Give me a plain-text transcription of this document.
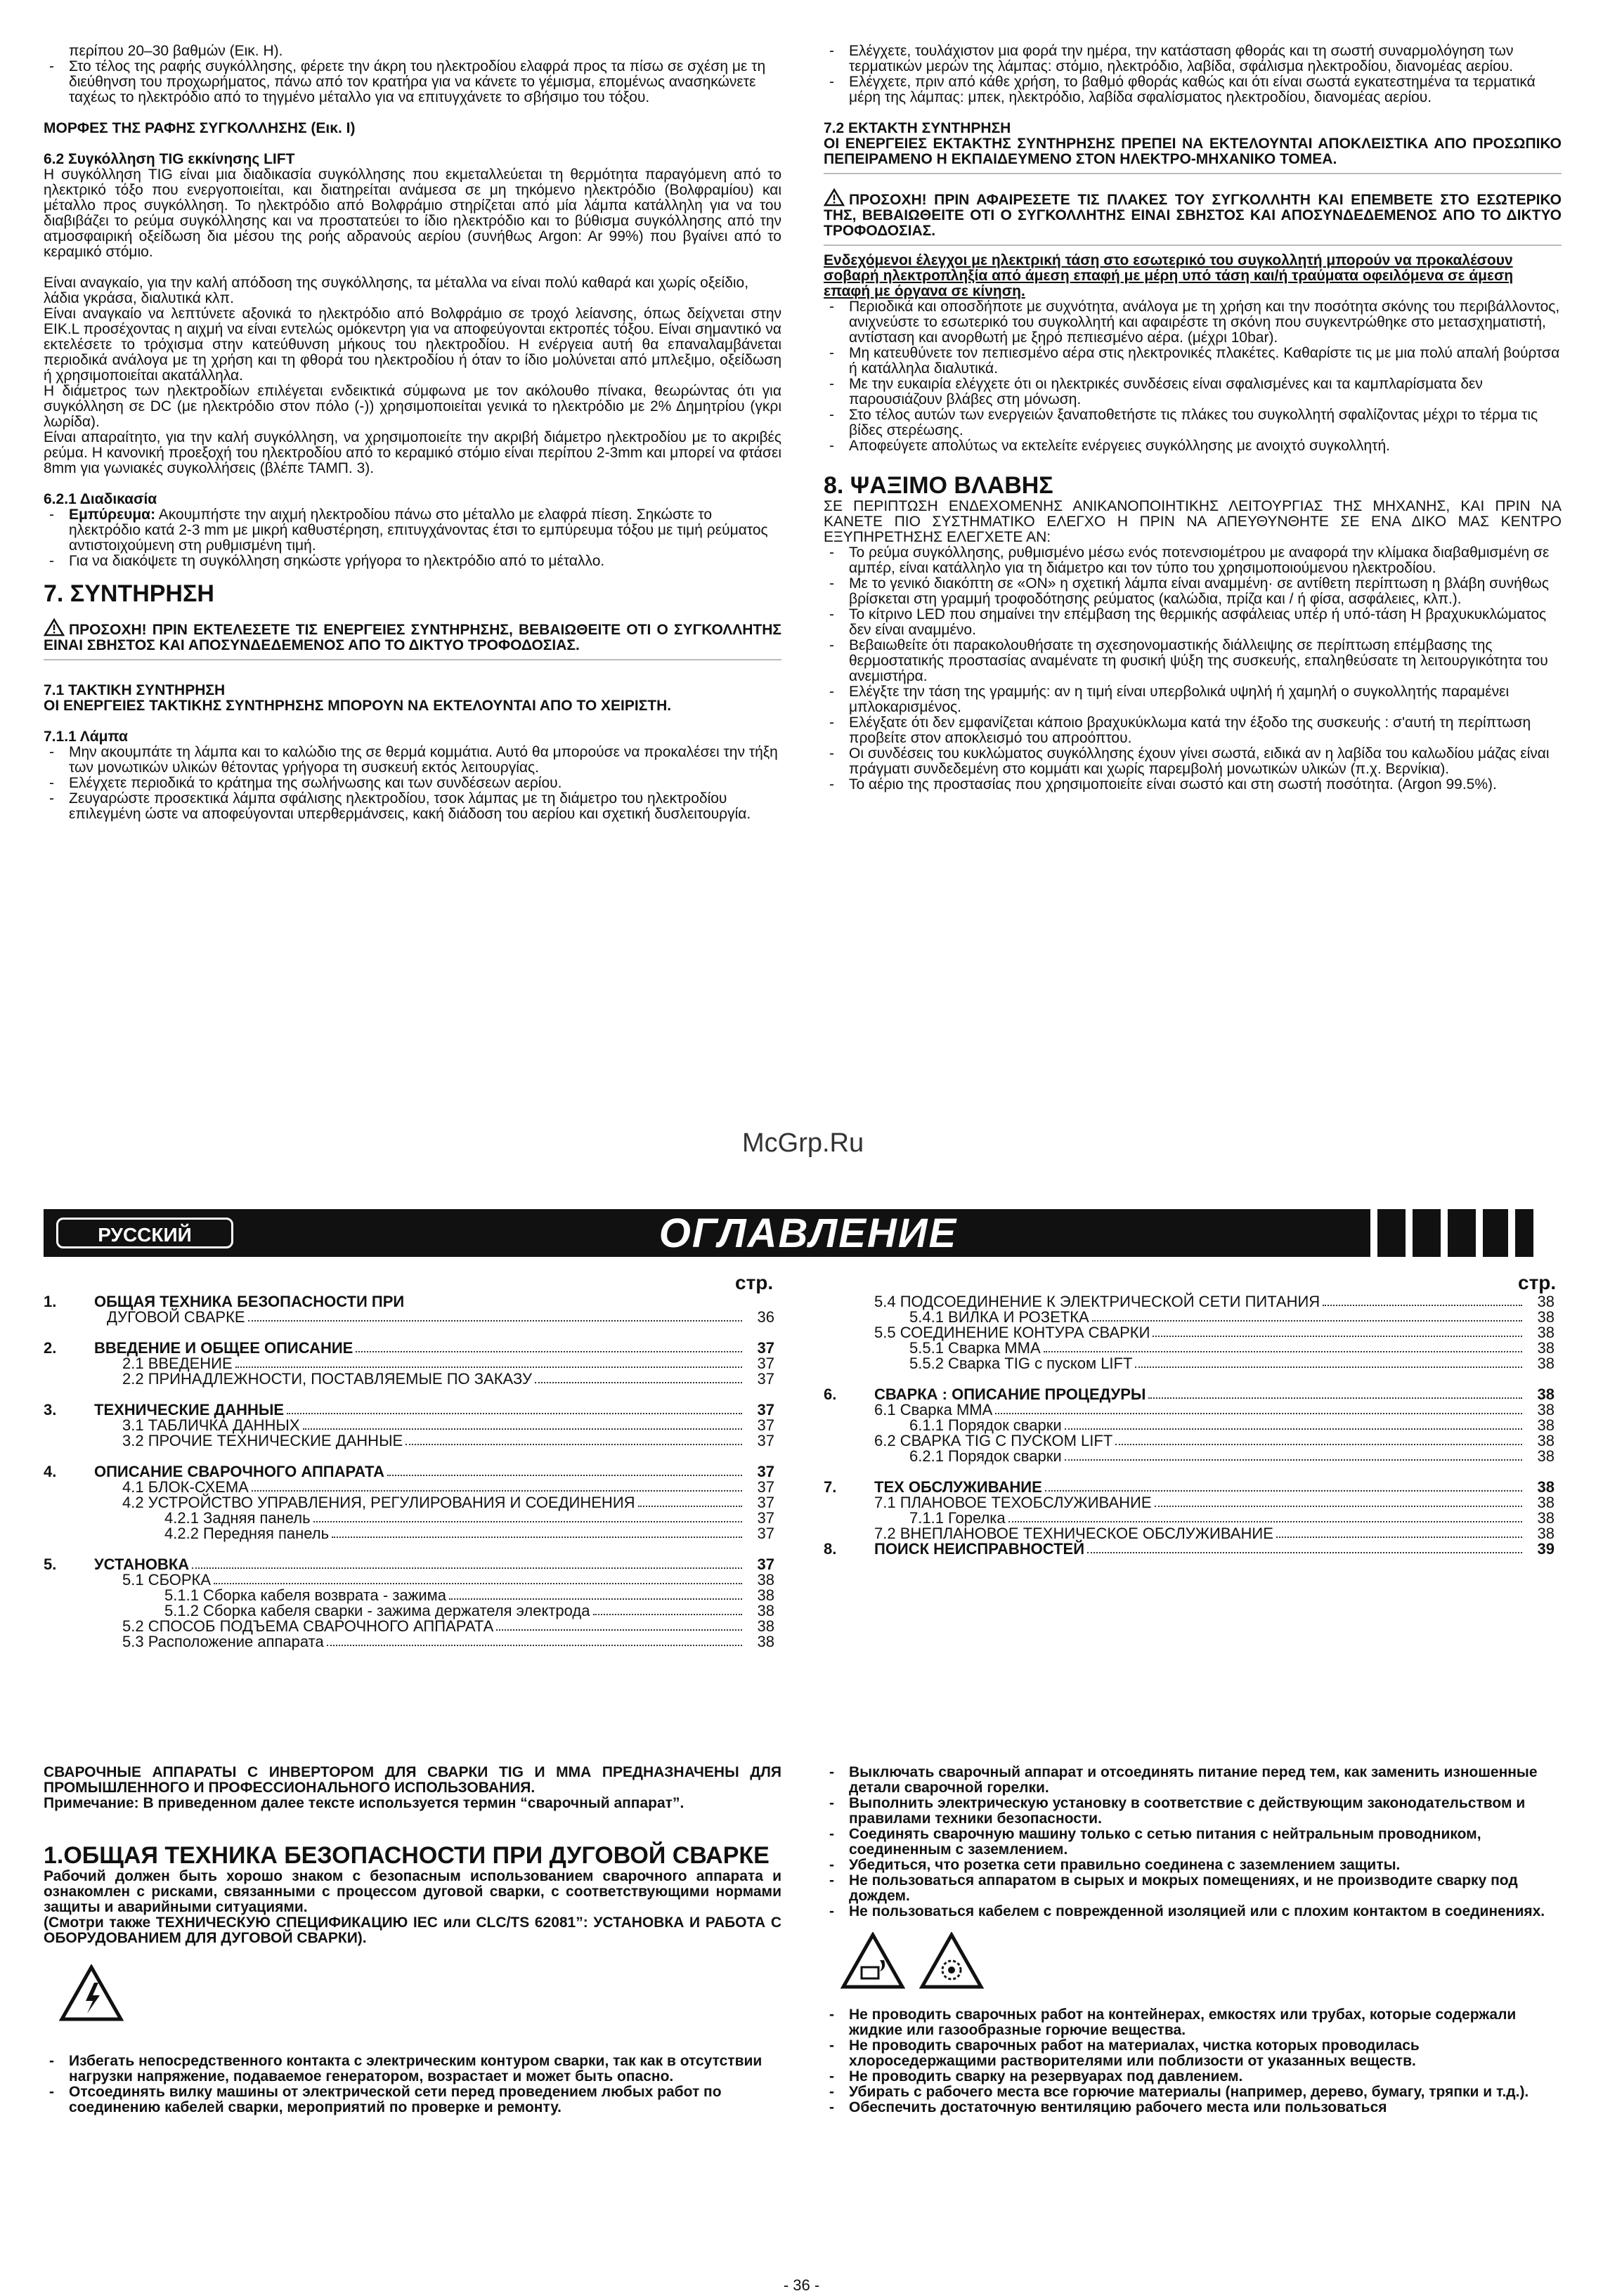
περίπου 20–30 βαθμών (Εικ. Η).

- Στο τέλος της ραφής συγκόλλησης, φέρετε την άκρη του ηλεκτροδίου ελαφρά προς τα πίσω σε σχέση με τη διεύθηνση του προχωρήματος, πάνω από τον κρατήρα για να κάνετε το γέμισμα, επομένως ανασηκώνετε ταχέως το ηλεκτρόδιο από το τηγμένο μέταλλο για να επιτυγχάνετε το σβήσιμο του τόξου.

ΜΟΡΦΕΣ ΤΗΣ ΡΑΦΗΣ ΣΥΓΚΟΛΛΗΣΗΣ (Εικ. Ι)

6.2 Συγκόλληση TIG εκκίνησης LIFT

Η συγκόλληση TIG είναι μια διαδικασία συγκόλλησης που εκμεταλλεύεται τη θερμότητα παραγόμενη από το ηλεκτρικό τόξο που ενεργοποιείται, και διατηρείται ανάμεσα σε μη τηκόμενο ηλεκτρόδιο (Βολφραμίου) και μέταλλο προς συγκόλληση. Το ηλεκτρόδιο από Βολφράμιο στηρίζεται από μία λάμπα κατάλληλη για να του διαβιβάζει το ρεύμα συγκόλλησης και να προστατεύει το ίδιο ηλεκτρόδιο και το βύθισμα συγκόλλησης από την ατμοσφαιρική οξείδωση δια μέσου της ροής αδρανούς αερίου (συνήθως Argon: Ar 99%) που βγαίνει από το κεραμικό στόμιο.

Είναι αναγκαίο, για την καλή απόδοση της συγκόλλησης, τα μέταλλα να είναι πολύ καθαρά και χωρίς οξείδιο, λάδια γκράσα, διαλυτικά κλπ.

Είναι αναγκαίο να λεπτύνετε αξονικά το ηλεκτρόδιο από Βολφράμιο σε τροχό λείανσης, όπως δείχνεται στην EIK.L προσέχοντας η αιχμή να είναι εντελώς ομόκεντρη για να αποφεύγονται εκτροπές τόξου. Είναι σημαντικό να εκτελέσετε το τρόχισμα στην κατεύθυνση μήκους του ηλεκτροδίου. Η ενέργεια αυτή θα επαναλαμβάνεται περιοδικά ανάλογα με τη χρήση και τη φθορά του ηλεκτροδίου ή όταν το ίδιο μολύνεται από μπλεξιμο, οξείδωση ή χρησιμοποιείται ακατάλληλα.

Η διάμετρος των ηλεκτροδίων επιλέγεται ενδεικτικά σύμφωνα με τον ακόλουθο πίνακα, θεωρώντας ότι για συγκόλληση σε DC (με ηλεκτρόδιο στον πόλο (-)) χρησιμοποιείται γενικά το ηλεκτρόδιο με 2% Δημητρίου (γκρι λωρίδα).

Είναι απαραίτητο, για την καλή συγκόλληση, να χρησιμοποιείτε την ακριβή διάμετρο ηλεκτροδίου με το ακριβές ρεύμα. Η κανονική προεξοχή του ηλεκτροδίου από το κεραμικό στόμιο είναι περίπου 2-3mm και μπορεί να φτάσει 8mm για γωνιακές συγκολλήσεις (βλέπε ΤΑΜΠ. 3).

6.2.1 Διαδικασία

- Εμπύρευμα: Ακουμπήστε την αιχμή ηλεκτροδίου πάνω στο μέταλλο με ελαφρά πίεση. Σηκώστε το ηλεκτρόδιο κατά 2-3 mm με μικρή καθυστέρηση, επιτυγχάνοντας έτσι το εμπύρευμα τόξου με τιμή ρεύματος αντιστοιχούμενη στη ρυθμισμένη τιμή.
- Για να διακόψετε τη συγκόλληση σηκώστε γρήγορα το ηλεκτρόδιο από το μέταλλο.

7. ΣΥΝΤΗΡΗΣΗ

ΠΡΟΣΟΧΗ! ΠΡΙΝ ΕΚΤΕΛΕΣΕΤΕ ΤΙΣ ΕΝΕΡΓΕΙΕΣ ΣΥΝΤΗΡΗΣΗΣ, ΒΕΒΑΙΩΘΕΙΤΕ ΟΤΙ Ο ΣΥΓΚΟΛΛΗΤΗΣ ΕΙΝΑΙ ΣΒΗΣΤΟΣ ΚΑΙ ΑΠΟΣΥΝΔΕΔΕΜΕΝΟΣ ΑΠΟ ΤΟ ΔΙΚΤΥΟ ΤΡΟΦΟΔΟΣΙΑΣ.

7.1 ΤΑΚΤΙΚΗ ΣΥΝΤΗΡΗΣΗ

ΟΙ ΕΝΕΡΓΕΙΕΣ ΤΑΚΤΙΚΗΣ ΣΥΝΤΗΡΗΣΗΣ ΜΠΟΡΟΥΝ ΝΑ ΕΚΤΕΛΟΥΝΤΑΙ ΑΠΟ ΤΟ ΧΕΙΡΙΣΤΗ.

7.1.1 Λάμπα

- Μην ακουμπάτε τη λάμπα και το καλώδιο της σε θερμά κομμάτια. Αυτό θα μπορούσε να προκαλέσει την τήξη των μονωτικών υλικών θέτοντας γρήγορα τη συσκευή εκτός λειτουργίας.
- Ελέγχετε περιοδικά το κράτημα της σωλήνωσης και των συνδέσεων αερίου.
- Ζευγαρώστε προσεκτικά λάμπα σφάλισης ηλεκτροδίου, τσοκ λάμπας με τη διάμετρο του ηλεκτροδίου επιλεγμένη ώστε να αποφεύγονται υπερθερμάνσεις, κακή διάδοση του αερίου και σχετική δυσλειτουργία.
- Ελέγχετε, τουλάχιστον μια φορά την ημέρα, την κατάσταση φθοράς και τη σωστή συναρμολόγηση των τερματικών μερών της λάμπας: στόμιο, ηλεκτρόδιο, λαβίδα, σφάλισμα ηλεκτροδίου, διανομέας αερίου.
- Ελέγχετε, πριν από κάθε χρήση, το βαθμό φθοράς καθώς και ότι είναι σωστά εγκατεστημένα τα τερματικά μέρη της λάμπας: μπεκ, ηλεκτρόδιο, λαβίδα σφαλίσματος ηλεκτροδίου, διανομέας αερίου.

7.2 ΕΚΤΑΚΤΗ ΣΥΝΤΗΡΗΣΗ

ΟΙ ΕΝΕΡΓΕΙΕΣ ΕΚΤΑΚΤΗΣ ΣΥΝΤΗΡΗΣΗΣ ΠΡΕΠΕΙ ΝΑ ΕΚΤΕΛΟΥΝΤΑΙ ΑΠΟΚΛΕΙΣΤΙΚΑ ΑΠΟ ΠΡΟΣΩΠΙΚΟ ΠΕΠΕΙΡΑΜΕΝΟ Η ΕΚΠΑΙΔΕΥΜΕΝΟ ΣΤΟΝ ΗΛΕΚΤΡΟ-ΜΗΧΑΝΙΚΟ ΤΟΜΕΑ.

ΠΡΟΣΟΧΗ! ΠΡΙΝ ΑΦΑΙΡΕΣΕΤΕ ΤΙΣ ΠΛΑΚΕΣ ΤΟΥ ΣΥΓΚΟΛΛΗΤΗ ΚΑΙ ΕΠΕΜΒΕΤΕ ΣΤΟ ΕΣΩΤΕΡΙΚΟ ΤΗΣ, ΒΕΒΑΙΩΘΕΙΤΕ ΟΤΙ Ο ΣΥΓΚΟΛΛΗΤΗΣ ΕΙΝΑΙ ΣΒΗΣΤΟΣ ΚΑΙ ΑΠΟΣΥΝΔΕΔΕΜΕΝΟΣ ΑΠΟ ΤΟ ΔΙΚΤΥΟ ΤΡΟΦΟΔΟΣΙΑΣ.

Ενδεχόμενοι έλεγχοι με ηλεκτρική τάση στο εσωτερικό του συγκολλητή μπορούν να προκαλέσουν σοβαρή ηλεκτροπληξία από άμεση επαφή με μέρη υπό τάση και/ή τραύματα οφειλόμενα σε άμεση επαφή με όργανα σε κίνηση.

- Περιοδικά και οποσδήποτε με συχνότητα, ανάλογα με τη χρήση και την ποσότητα σκόνης του περιβάλλοντος, ανιχνεύστε το εσωτερικό του συγκολλητή και αφαιρέστε τη σκόνη που συγκεντρώθηκε στο μετασχηματιστή, αντίσταση και ανορθωτή με ξηρό πεπιεσμένο αέρα. (μέχρι 10bar).
- Μη κατευθύνετε τον πεπιεσμένο αέρα στις ηλεκτρονικές πλακέτες. Καθαρίστε τις με μια πολύ απαλή βούρτσα ή κατάλληλα διαλυτικά.
- Με την ευκαιρία ελέγχετε ότι οι ηλεκτρικές συνδέσεις είναι σφαλισμένες και τα καμπλαρίσματα δεν παρουσιάζουν βλάβες στη μόνωση.
- Στο τέλος αυτών των ενεργειών ξαναποθετήστε τις πλάκες του συγκολλητή σφαλίζοντας μέχρι το τέρμα τις βίδες στερέωσης.
- Αποφεύγετε απολύτως να εκτελείτε ενέργειες συγκόλλησης με ανοιχτό συγκολλητή.

8. ΨΑΞΙΜΟ ΒΛΑΒΗΣ

ΣΕ ΠΕΡΙΠΤΩΣΗ ΕΝΔΕΧΟΜΕΝΗΣ ΑΝΙΚΑΝΟΠΟΙΗΤΙΚΗΣ ΛΕΙΤΟΥΡΓΙΑΣ ΤΗΣ ΜΗΧΑΝΗΣ, ΚΑΙ ΠΡΙΝ ΝΑ ΚΑΝΕΤΕ ΠΙΟ ΣΥΣΤΗΜΑΤΙΚΟ ΕΛΕΓΧΟ Η ΠΡΙΝ ΝΑ ΑΠΕΥΘΥΝΘΗΤΕ ΣΕ ΕΝΑ ΔΙΚΟ ΜΑΣ ΚΕΝΤΡΟ ΕΞΥΠΗΡΕΤΗΣΗΣ ΕΛΕΓΧΕΤΕ ΑΝ:

- Το ρεύμα συγκόλλησης, ρυθμισμένο μέσω ενός ποτενσιομέτρου με αναφορά την κλίμακα διαβαθμισμένη σε αμπέρ, είναι κατάλληλο για τη διάμετρο και τον τύπο του χρησιμοποιούμενου ηλεκτροδίου.
- Με το γενικό διακόπτη σε «ON» η σχετική λάμπα είναι αναμμένη· σε αντίθετη περίπτωση η βλάβη συνήθως βρίσκεται στη γραμμή τροφοδότησης ρεύματος (καλώδια, πρίζα και / ή φίσα, ασφάλειες, κλπ.).
- Το κίτρινο LED που σημαίνει την επέμβαση της θερμικής ασφάλειας υπέρ ή υπό-τάση Η βραχυκυκλώματος δεν είναι αναμμένο.
- Βεβαιωθείτε ότι παρακολουθήσατε τη σχεσηονομαστικής διάλλειψης σε περίπτωση επέμβασης της θερμοστατικής προστασίας αναμένατε τη φυσική ψύξη της συσκευής, επαληθεύσατε τη λειτουργικότητα του ανεμιστήρα.
- Ελέγξτε την τάση της γραμμής: αν η τιμή είναι υπερβολικά υψηλή ή χαμηλή ο συγκολλητής παραμένει μπλοκαρισμένος.
- Ελέγξατε ότι δεν εμφανίζεται κάποιο βραχυκύκλωμα κατά την έξοδο της συσκευής : σ'αυτή τη περίπτωση προβείτε στον αποκλεισμό του απροόπτου.
- Οι συνδέσεις του κυκλώματος συγκόλλησης έχουν γίνει σωστά, ειδικά αν η λαβίδα του καλωδίου μάζας είναι πράγματι συνδεδεμένη στο κομμάτι και χωρίς παρεμβολή μονωτικών υλικών (π.χ. Βερνίκια).
- Το αέριο της προστασίας που χρησιμοποιείτε είναι σωστό και στη σωστή ποσότητα. (Argon 99.5%).
McGrp.Ru
РУССКИЙ	ОГЛАВЛЕНИЕ
стр.	стр.
1.	ОБЩАЯ ТЕХНИКА БЕЗОПАСНОСТИ ПРИ
ДУГОВОЙ СВАРКЕ	36
2.	ВВЕДЕНИЕ И ОБЩЕЕ ОПИСАНИЕ	37
2.1 ВВЕДЕНИЕ	37
2.2 ПРИНАДЛЕЖНОСТИ, ПОСТАВЛЯЕМЫЕ ПО ЗАКАЗУ	37
3.	ТЕХНИЧЕСКИЕ ДАННЫЕ	37
3.1 ТАБЛИЧКА ДАННЫХ	37
3.2 ПРОЧИЕ ТЕХНИЧЕСКИЕ ДАННЫЕ	37
4.	ОПИСАНИЕ СВАРОЧНОГО АППАРАТА	37
4.1 БЛОК-СХЕМА	37
4.2 УСТРОЙСТВО УПРАВЛЕНИЯ, РЕГУЛИРОВАНИЯ И СОЕДИНЕНИЯ	37
4.2.1 Задняя панель	37
4.2.2 Передняя панель	37
5.	УСТАНОВКА	37
5.1 СБОРКА	38
5.1.1 Сборка кабеля возврата - зажима	38
5.1.2 Сборка кабеля сварки - зажима держателя электрода	38
5.2 СПОСОБ ПОДЪЕМА СВАРОЧНОГО АППАРАТА	38
5.3 Расположение аппарата	38
5.4 ПОДСОЕДИНЕНИЕ К ЭЛЕКТРИЧЕСКОЙ СЕТИ ПИТАНИЯ	38
5.4.1 ВИЛКА И РОЗЕТКА	38
5.5 СОЕДИНЕНИЕ КОНТУРА СВАРКИ	38
5.5.1 Сварка ММА	38
5.5.2 Сварка TIG с пуском LIFT	38
6.	СВАРКА : ОПИСАНИЕ ПРОЦЕДУРЫ	38
6.1 Сварка ММА	38
6.1.1 Порядок сварки	38
6.2 СВАРКА TIG С ПУСКОМ LIFT	38
6.2.1 Порядок сварки	38
7.	ТЕХ ОБСЛУЖИВАНИЕ	38
7.1 ПЛАНОВОЕ ТЕХОБСЛУЖИВАНИЕ	38
7.1.1 Горелка	38
7.2 ВНЕПЛАНОВОЕ ТЕХНИЧЕСКОЕ ОБСЛУЖИВАНИЕ	38
8.	ПОИСК НЕИСПРАВНОСТЕЙ	39

СВАРОЧНЫЕ АППАРАТЫ С ИНВЕРТОРОМ ДЛЯ СВАРКИ TIG И ММА ПРЕДНАЗНАЧЕНЫ ДЛЯ ПРОМЫШЛЕННОГО И ПРОФЕССИОНАЛЬНОГО ИСПОЛЬЗОВАНИЯ.

Примечание: В приведенном далее тексте используется термин “сварочный аппарат”.

1.ОБЩАЯ ТЕХНИКА БЕЗОПАСНОСТИ ПРИ ДУГОВОЙ СВАРКЕ

Рабочий должен быть хорошо знаком с безопасным использованием сварочного аппарата и ознакомлен с рисками, связанными с процессом дуговой сварки, с соответствующими нормами защиты и аварийными ситуациями.

(Смотри также ТЕХНИЧЕСКУЮ СПЕЦИФИКАЦИЮ IEC или CLC/TS 62081”: УСТАНОВКА И РАБОТА С ОБОРУДОВАНИЕМ ДЛЯ ДУГОВОЙ СВАРКИ).

- Избегать непосредственного контакта с электрическим контуром сварки, так как в отсутствии нагрузки напряжение, подаваемое генератором, возрастает и может быть опасно.
- Отсоединять вилку машины от электрической сети перед проведением любых работ по соединению кабелей сварки, мероприятий по проверке и ремонту.
- Выключать сварочный аппарат и отсоединять питание перед тем, как заменить изношенные детали сварочной горелки.
- Выполнить электрическую установку в соответствие с действующим законодательством и правилами техники безопасности.
- Соединять сварочную машину только с сетью питания с нейтральным проводником, соединенным с заземлением.
- Убедиться, что розетка сети правильно соединена с заземлением защиты.
- Не пользоваться аппаратом в сырых и мокрых помещениях, и не производите сварку под дождем.
- Не пользоваться кабелем с поврежденной изоляцией или с плохим контактом в соединениях.

- Не проводить сварочных работ на контейнерах, емкостях или трубах, которые содержали жидкие или газообразные горючие вещества.
- Не проводить сварочных работ на материалах, чистка которых проводилась хлороседержащими растворителями или поблизости от указанных веществ.
- Не проводить сварку на резервуарах под давлением.
- Убирать с рабочего места все горючие материалы (например, дерево, бумагу, тряпки и т.д.).
- Обеспечить достаточную вентиляцию рабочего места или пользоваться
- 36 -
